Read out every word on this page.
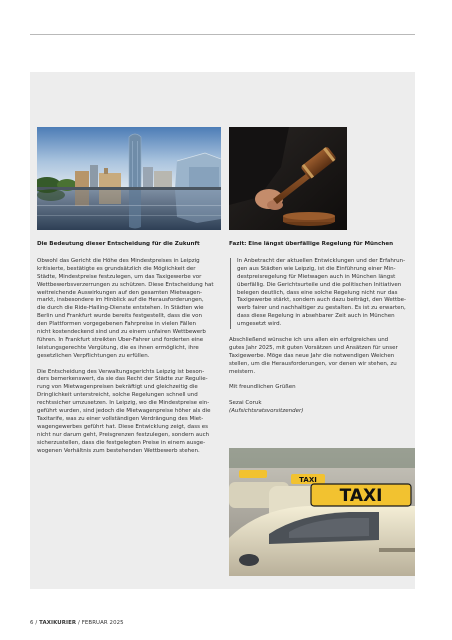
TAXI
TAXI
Die Bedeutung dieser Entscheidung für die Zukunft
Obwohl das Gericht die Höhe des Mindestpreises in Leipzig
kritisierte, bestätigte es grundsätzlich die Möglichkeit der
Städte, Mindestpreise festzulegen, um das Taxigewerbe vor
Wettbewerbsverzerrungen zu schützen. Diese Entscheidung hat
weitreichende Auswirkungen auf den gesamten Mietwagen-
markt, insbesondere im Hinblick auf die Herausforderungen,
die durch die Ride-Hailing-Dienste entstehen. In Städten wie
Berlin und Frankfurt wurde bereits festgestellt, dass die von
den Plattformen vorgegebenen Fahrpreise in vielen Fällen
nicht kostendeckend sind und zu einem unfairen Wettbewerb
führen. In Frankfurt streikten Uber-Fahrer und forderten eine
leistungsgerechte Vergütung, die es ihnen ermöglicht, ihre
gesetzlichen Verpflichtungen zu erfüllen.
Die Entscheidung des Verwaltungsgerichts Leipzig ist beson-
ders bemerkenswert, da sie das Recht der Städte zur Regulie-
rung von Mietwagenpreisen bekräftigt und gleichzeitig die
Dringlichkeit unterstreicht, solche Regelungen schnell und
rechtssicher umzusetzen. In Leipzig, wo die Mindestpreise ein-
geführt wurden, sind jedoch die Mietwagenpreise höher als die
Taxitarife, was zu einer vollständigen Verdrängung des Miet-
wagengewerbes geführt hat. Diese Entwicklung zeigt, dass es
nicht nur darum geht, Preisgrenzen festzulegen, sondern auch
sicherzustellen, dass die festgelegten Preise in einem ausge-
wogenen Verhältnis zum bestehenden Wettbewerb stehen.
Fazit: Eine längst überfällige Regelung für München
In Anbetracht der aktuellen Entwicklungen und der Erfahrun-
gen aus Städten wie Leipzig, ist die Einführung einer Min-
destpreisregelung für Mietwagen auch in München längst
überfällig. Die Gerichtsurteile und die politischen Initiativen
belegen deutlich, dass eine solche Regelung nicht nur das
Taxigewerbe stärkt, sondern auch dazu beiträgt, den Wettbe-
werb fairer und nachhaltiger zu gestalten. Es ist zu erwarten,
dass diese Regelung in absehbarer Zeit auch in München
umgesetzt wird.
Abschließend wünsche ich uns allen ein erfolgreiches und
gutes Jahr 2025, mit guten Vorsätzen und Ansätzen für unser
Taxigewerbe. Möge das neue Jahr die notwendigen Weichen
stellen, um die Herausforderungen, vor denen wir stehen, zu
meistern.
Mit freundlichen Grüßen
Sezai Coruk
(Aufsichtsratsvorsitzender)
6 / TAXIKURIER / FEBRUAR 2025
